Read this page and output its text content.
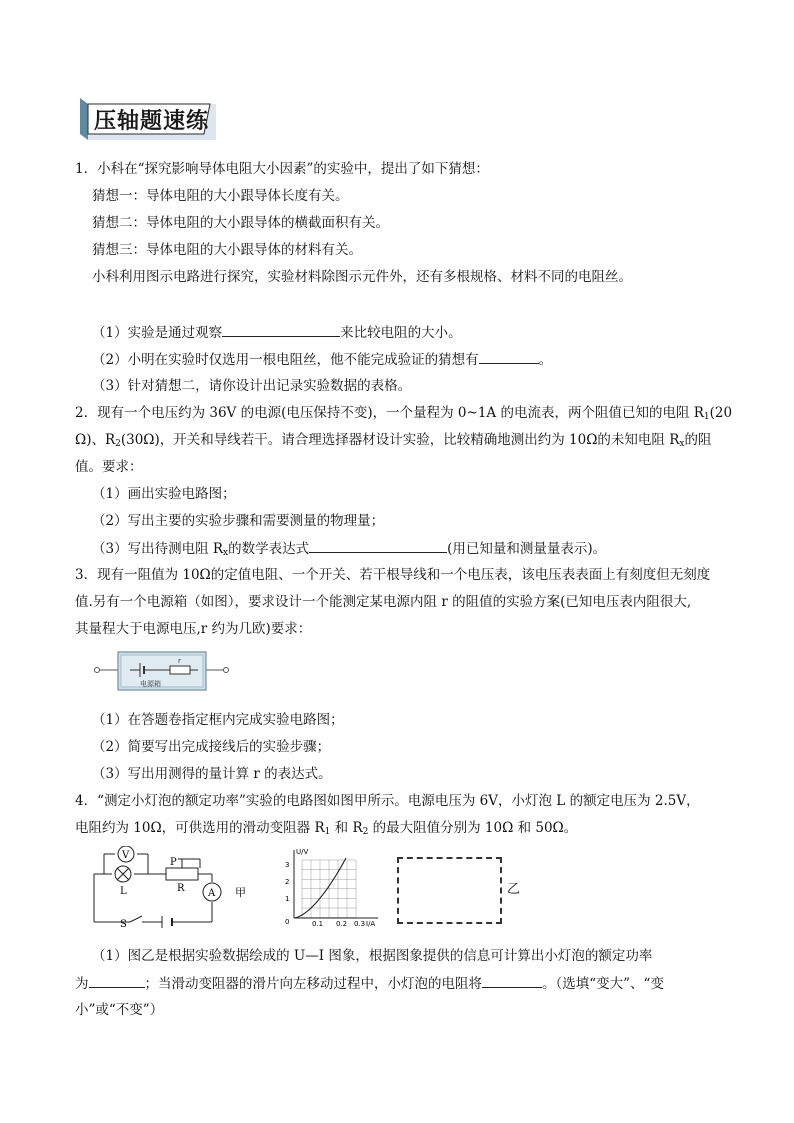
压轴题速练
1．小科在“探究影响导体电阻大小因素”的实验中，提出了如下猜想：
猜想一：导体电阻的大小跟导体长度有关。
猜想二：导体电阻的大小跟导体的横截面积有关。
猜想三：导体电阻的大小跟导体的材料有关。
小科利用图示电路进行探究，实验材料除图示元件外，还有多根规格、材料不同的电阻丝。
（1）实验是通过观察	来比较电阻的大小。
（2）小明在实验时仅选用一根电阻丝，他不能完成验证的猜想有	。
（3）针对猜想二，请你设计出记录实验数据的表格。
2．现有一个电压约为 36V 的电源(电压保持不变)，一个量程为 0~1A 的电流表，两个阻值已知的电阻 $R_1(20$
Ω)、$R_2(30\Omega)$，开关和导线若干。请合理选择器材设计实验，比较精确地测出约为 10Ω的未知电阻 $R_x$的阻
值。要求：
（1）画出实验电路图；
（2）写出主要的实验步骤和需要测量的物理量；
（3）写出待测电阻 $R_x$的数学表达式	(用已知量和测量量表示)。
3．现有一阻值为 10Ω的定值电阻、一个开关、若干根导线和一个电压表，该电压表表面上有刻度但无刻度
值.另有一个电源箱（如图），要求设计一个能测定某电源内阻 r 的阻值的实验方案(已知电压表内阻很大,
其量程大于电源电压,r 约为几欧)要求：
r
电源箱
（1）在答题卷指定框内完成实验电路图；
（2）简要写出完成接线后的实验步骤；
（3）写出用测得的量计算 r 的表达式。
4．“测定小灯泡的额定功率”实验的电路图如图甲所示。电源电压为 6V，小灯泡 L 的额定电压为 2.5V，
电阻约为 10Ω，可供选用的滑动变阻器 $R_1$ 和 $R_2$ 的最大阻值分别为 10Ω 和 50Ω。
V
L
P
R A
S
甲
U/V
3
2
1
0	0.1 0.2 0.3 I/A
乙
（1）图乙是根据实验数据绘成的 U—I 图象，根据图象提供的信息可计算出小灯泡的额定功率
为	；当滑动变阻器的滑片向左移动过程中，小灯泡的电阻将	。（选填“变大”、“变
小”或“不变”）
